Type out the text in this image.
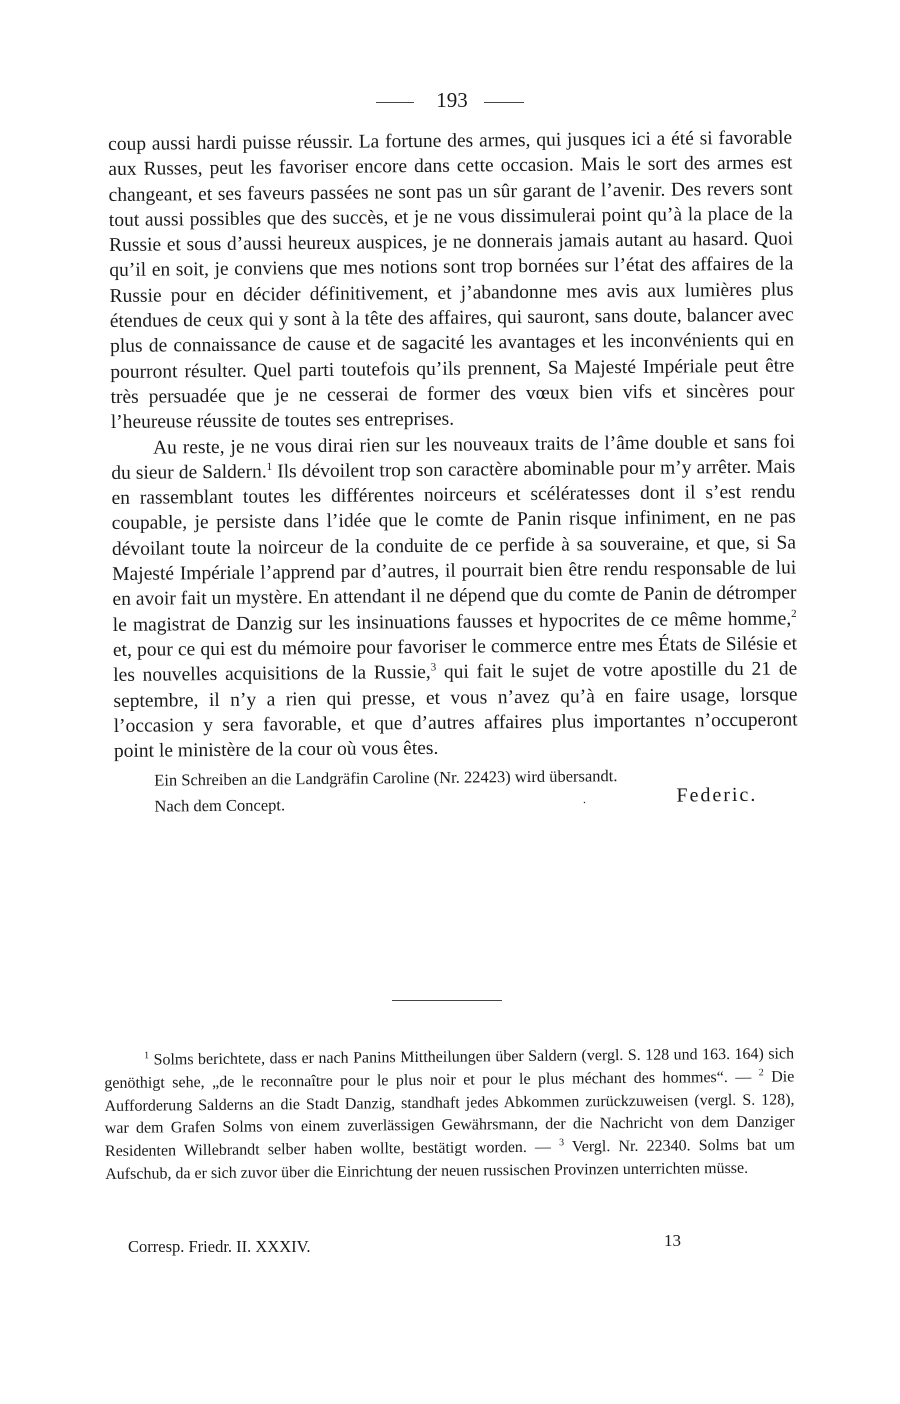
193

coup aussi hardi puisse réussir. La fortune des armes, qui jusques ici a été si favorable aux Russes, peut les favoriser encore dans cette occasion. Mais le sort des armes est changeant, et ses faveurs passées ne sont pas un sûr garant de l’avenir. Des revers sont tout aussi possibles que des succès, et je ne vous dissimulerai point qu’à la place de la Russie et sous d’aussi heureux auspices, je ne donnerais jamais autant au hasard. Quoi qu’il en soit, je conviens que mes notions sont trop bornées sur l’état des affaires de la Russie pour en décider définitivement, et j’abandonne mes avis aux lumières plus étendues de ceux qui y sont à la tête des affaires, qui sauront, sans doute, balancer avec plus de connaissance de cause et de sagacité les avantages et les inconvénients qui en pourront résulter. Quel parti toutefois qu’ils prennent, Sa Majesté Impériale peut être très persuadée que je ne cesserai de former des vœux bien vifs et sincères pour l’heureuse réussite de toutes ses entreprises.

Au reste, je ne vous dirai rien sur les nouveaux traits de l’âme double et sans foi du sieur de Saldern.$^1$ Ils dévoilent trop son caractère abominable pour m’y arrêter. Mais en rassemblant toutes les différentes noirceurs et scélératesses dont il s’est rendu coupable, je persiste dans l’idée que le comte de Panin risque infiniment, en ne pas dévoilant toute la noirceur de la conduite de ce perfide à sa souveraine, et que, si Sa Majesté Impériale l’apprend par d’autres, il pourrait bien être rendu responsable de lui en avoir fait un mystère. En attendant il ne dépend que du comte de Panin de détromper le magistrat de Danzig sur les insinuations fausses et hypocrites de ce même homme,$^2$ et, pour ce qui est du mémoire pour favoriser le commerce entre mes États de Silésie et les nouvelles acquisitions de la Russie,$^3$ qui fait le sujet de votre apostille du 21 de septembre, il n’y a rien qui presse, et vous n’avez qu’à en faire usage, lorsque l’occasion y sera favorable, et que d’autres affaires plus importantes n’occuperont point le ministère de la cour où vous êtes.

Ein Schreiben an die Landgräfin Caroline (Nr. 22423) wird übersandt.
Nach dem Concept.	·	Federic.

$^1$ Solms berichtete, dass er nach Panins Mittheilungen über Saldern (vergl. S. 128 und 163. 164) sich genöthigt sehe, „de le reconnaître pour le plus noir et pour le plus méchant des hommes“. — $^2$ Die Aufforderung Salderns an die Stadt Danzig, standhaft jedes Abkommen zurückzuweisen (vergl. S. 128), war dem Grafen Solms von einem zuverlässigen Gewährsmann, der die Nachricht von dem Danziger Residenten Willebrandt selber haben wollte, bestätigt worden. — $^3$ Vergl. Nr. 22340. Solms bat um Aufschub, da er sich zuvor über die Einrichtung der neuen russischen Provinzen unterrichten müsse.

Corresp. Friedr. II. XXXIV.	13
